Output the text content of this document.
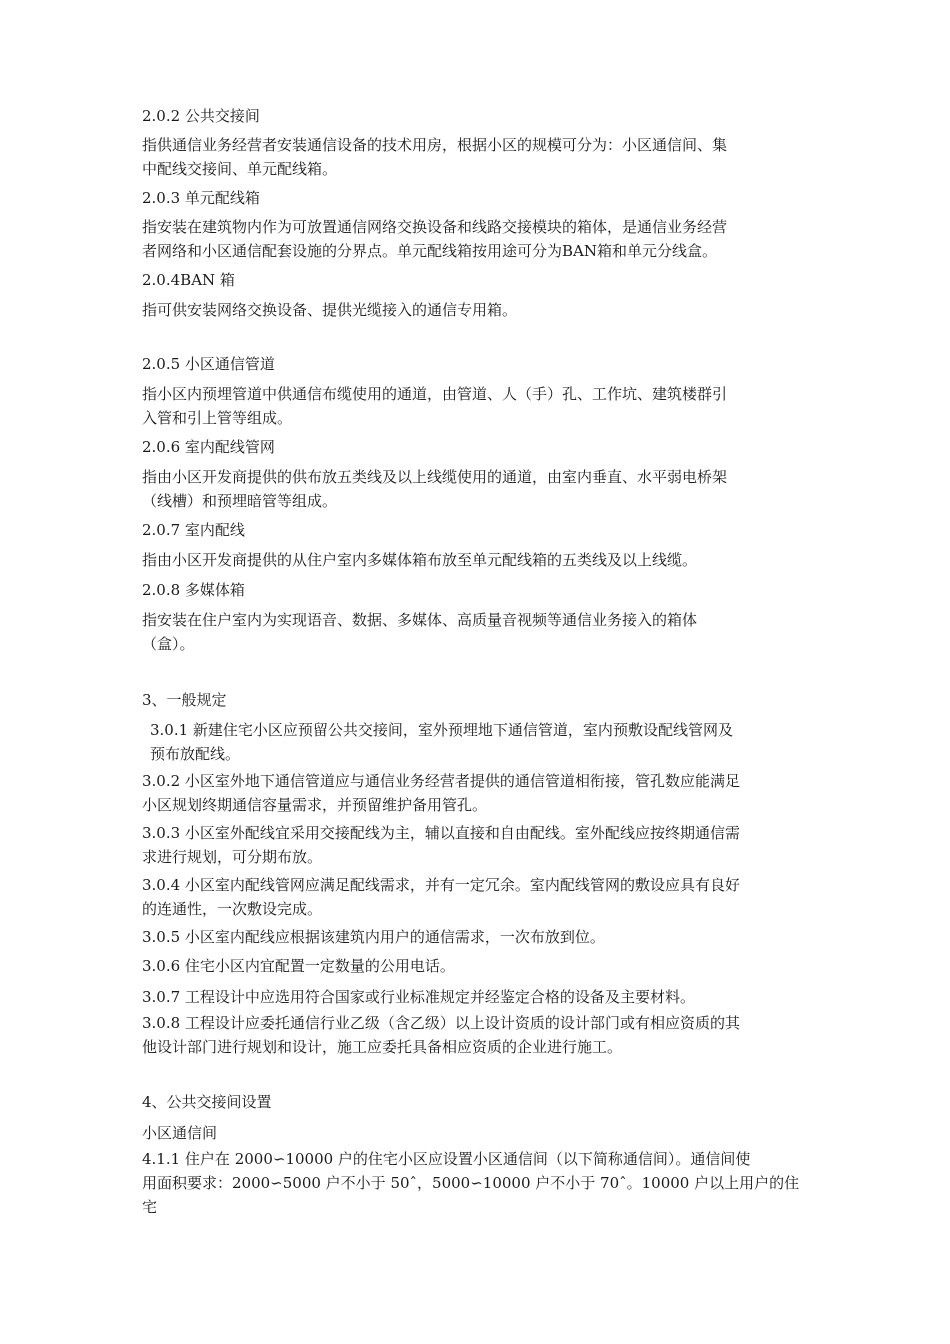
2.0.2 公共交接间
指供通信业务经营者安装通信设备的技术用房，根据小区的规模可分为：小区通信间、集
中配线交接间、单元配线箱。
2.0.3 单元配线箱
指安装在建筑物内作为可放置通信网络交换设备和线路交接模块的箱体，是通信业务经营
者网络和小区通信配套设施的分界点。单元配线箱按用途可分为BAN箱和单元分线盒。
2.0.4BAN 箱
指可供安装网络交换设备、提供光缆接入的通信专用箱。
2.0.5 小区通信管道
指小区内预埋管道中供通信布缆使用的通道，由管道、人（手）孔、工作坑、建筑楼群引
入管和引上管等组成。
2.0.6 室内配线管网
指由小区开发商提供的供布放五类线及以上线缆使用的通道，由室内垂直、水平弱电桥架
（线槽）和预埋暗管等组成。
2.0.7 室内配线
指由小区开发商提供的从住户室内多媒体箱布放至单元配线箱的五类线及以上线缆。
2.0.8 多媒体箱
指安装在住户室内为实现语音、数据、多媒体、高质量音视频等通信业务接入的箱体
（盒）。
3、一般规定
3.0.1 新建住宅小区应预留公共交接间，室外预埋地下通信管道，室内预敷设配线管网及
预布放配线。
3.0.2 小区室外地下通信管道应与通信业务经营者提供的通信管道相衔接，管孔数应能满足
小区规划终期通信容量需求，并预留维护备用管孔。
3.0.3 小区室外配线宜采用交接配线为主，辅以直接和自由配线。室外配线应按终期通信需
求进行规划，可分期布放。
3.0.4 小区室内配线管网应满足配线需求，并有一定冗余。室内配线管网的敷设应具有良好
的连通性，一次敷设完成。
3.0.5 小区室内配线应根据该建筑内用户的通信需求，一次布放到位。
3.0.6 住宅小区内宜配置一定数量的公用电话。
3.0.7 工程设计中应选用符合国家或行业标准规定并经鉴定合格的设备及主要材料。
3.0.8 工程设计应委托通信行业乙级（含乙级）以上设计资质的设计部门或有相应资质的其
他设计部门进行规划和设计，施工应委托具备相应资质的企业进行施工。
4、公共交接间设置
小区通信间
4.1.1 住户在 2000∽10000 户的住宅小区应设置小区通信间（以下简称通信间）。通信间使
用面积要求：2000∽5000 户不小于 50ˆ，5000∽10000 户不小于 70ˆ。10000 户以上用户的住宅
